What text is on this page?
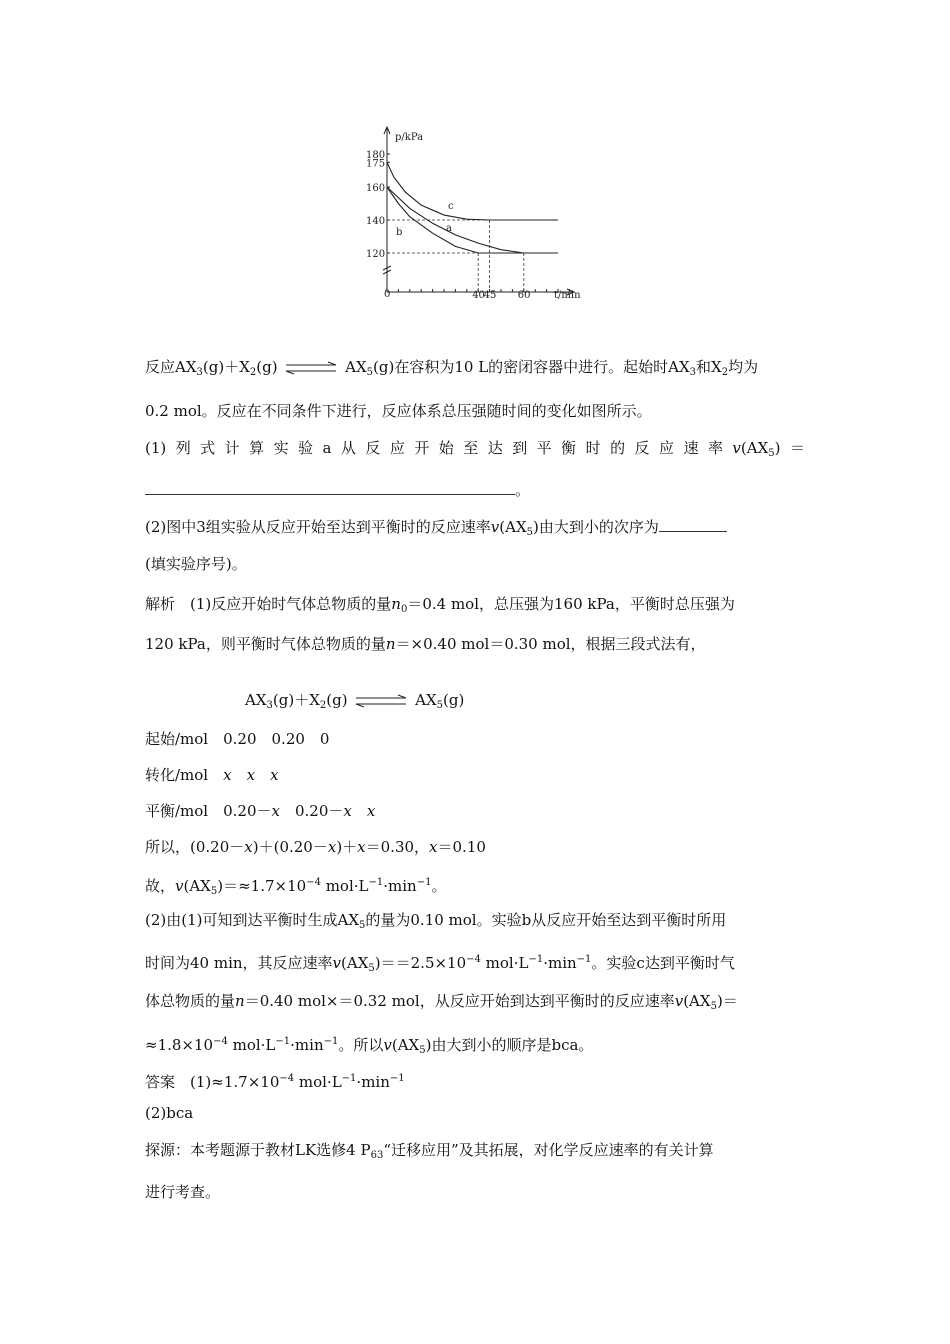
p/kPa
t/min
0
120
140
160
175
180
40
45 60
c
a
b
反应$AX_3(g)+X_2(g)$ ⇌ $AX_5(g)$在容积为10 L的密闭容器中进行。起始时$AX_3$和$X_2$均为
0.2 mol。反应在不同条件下进行，反应体系总压强随时间的变化如图所示。
(1) 列 式 计 算 实 验 a 从 反 应 开 始 至 达 到 平 衡 时 的 反 应 速 率 $v(AX_5)$ ＝
。
(2)图中3组实验从反应开始至达到平衡时的反应速率$v(AX_5)$由大到小的次序为
(填实验序号)。
解析　 (1)反应开始时气体总物质的量$n_0=0.4$ mol，总压强为160 kPa，平衡时总压强为
120 kPa，则平衡时气体总物质的量n＝×0.40 mol＝0.30 mol，根据三段式法有，
$AX_3(g)+X_2(g)$ ⇌ $AX_5(g)$
起始/mol　0.20　0.20　0
转化/mol　x　 x　 x
平衡/mol　0.20－x　0.20－x　 x
所以，(0.20－x)＋(0.20－x)＋x＝0.30，x＝0.10
故，$v(AX_5)=\approx 1.7\times 10^{-4}$ $mol\cdot L^{-1}\cdot\min^{-1}$。
(2)由(1)可知到达平衡时生成$AX_5$的量为0.10 mol。实验b从反应开始至达到平衡时所用
时间为40 min，其反应速率$v(AX_5)==2.5\times 10^{-4}$ $mol\cdot L^{-1}\cdot\min^{-1}$。实验c达到平衡时气
体总物质的量n＝0.40 mol×＝0.32 mol，从反应开始到达到平衡时的反应速率$v(AX_5)=$
$\approx 1.8\times 10^{-4}$ $mol\cdot L^{-1}\cdot\min^{-1}$。所以$v(AX_5)$由大到小的顺序是bca。
答案　 $(1)\approx 1.7\times 10^{-4}$ $mol\cdot L^{-1}\cdot\min^{-1}$
(2)bca
探源：本考题源于教材LK选修4 $P_{63}“$迁移应用”及其拓展，对化学反应速率的有关计算
进行考查。
